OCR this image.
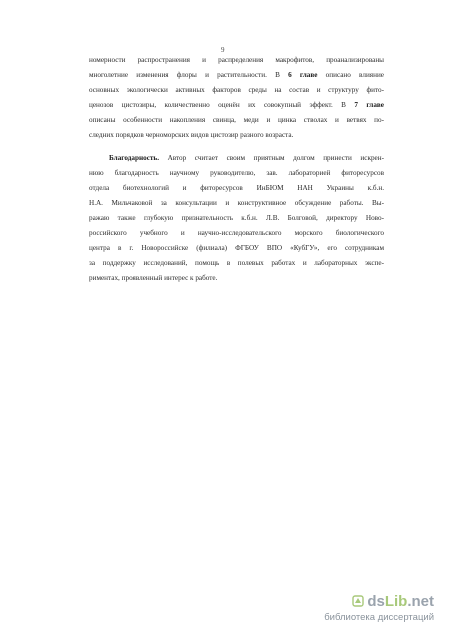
9
номерности распространения и распределения макрофитов, проанализированы
многолетние изменения флоры и растительности. В 6 главе описано влияние
основных экологически активных факторов среды на состав и структуру фито-
ценозов цистозиры, количественно оценён их совокупный эффект. В 7 главе
описаны особенности накопления свинца, меди и цинка стволах и ветвях по-
следних порядков черноморских видов цистозир разного возраста.
Благодарность. Автор считает своим приятным долгом принести искрен-
нюю благодарность научному руководителю, зав. лабораторией фиторесурсов
отдела биотехнологий и фиторесурсов ИнБЮМ НАН Украины к.б.н.
Н.А. Мильчаковой за консультации и конструктивное обсуждение работы. Вы-
ражаю также глубокую признательность к.б.н. Л.В. Болговой, директору Ново-
российского учебного и научно-исследовательского морского биологического
центра в г. Новороссийске (филиала) ФГБОУ ВПО «КубГУ», его сотрудникам
за поддержку исследований, помощь в полевых работах и лабораторных экспе-
риментах, проявленный интерес к работе.
ds Lib .net
библиотека диссертаций
